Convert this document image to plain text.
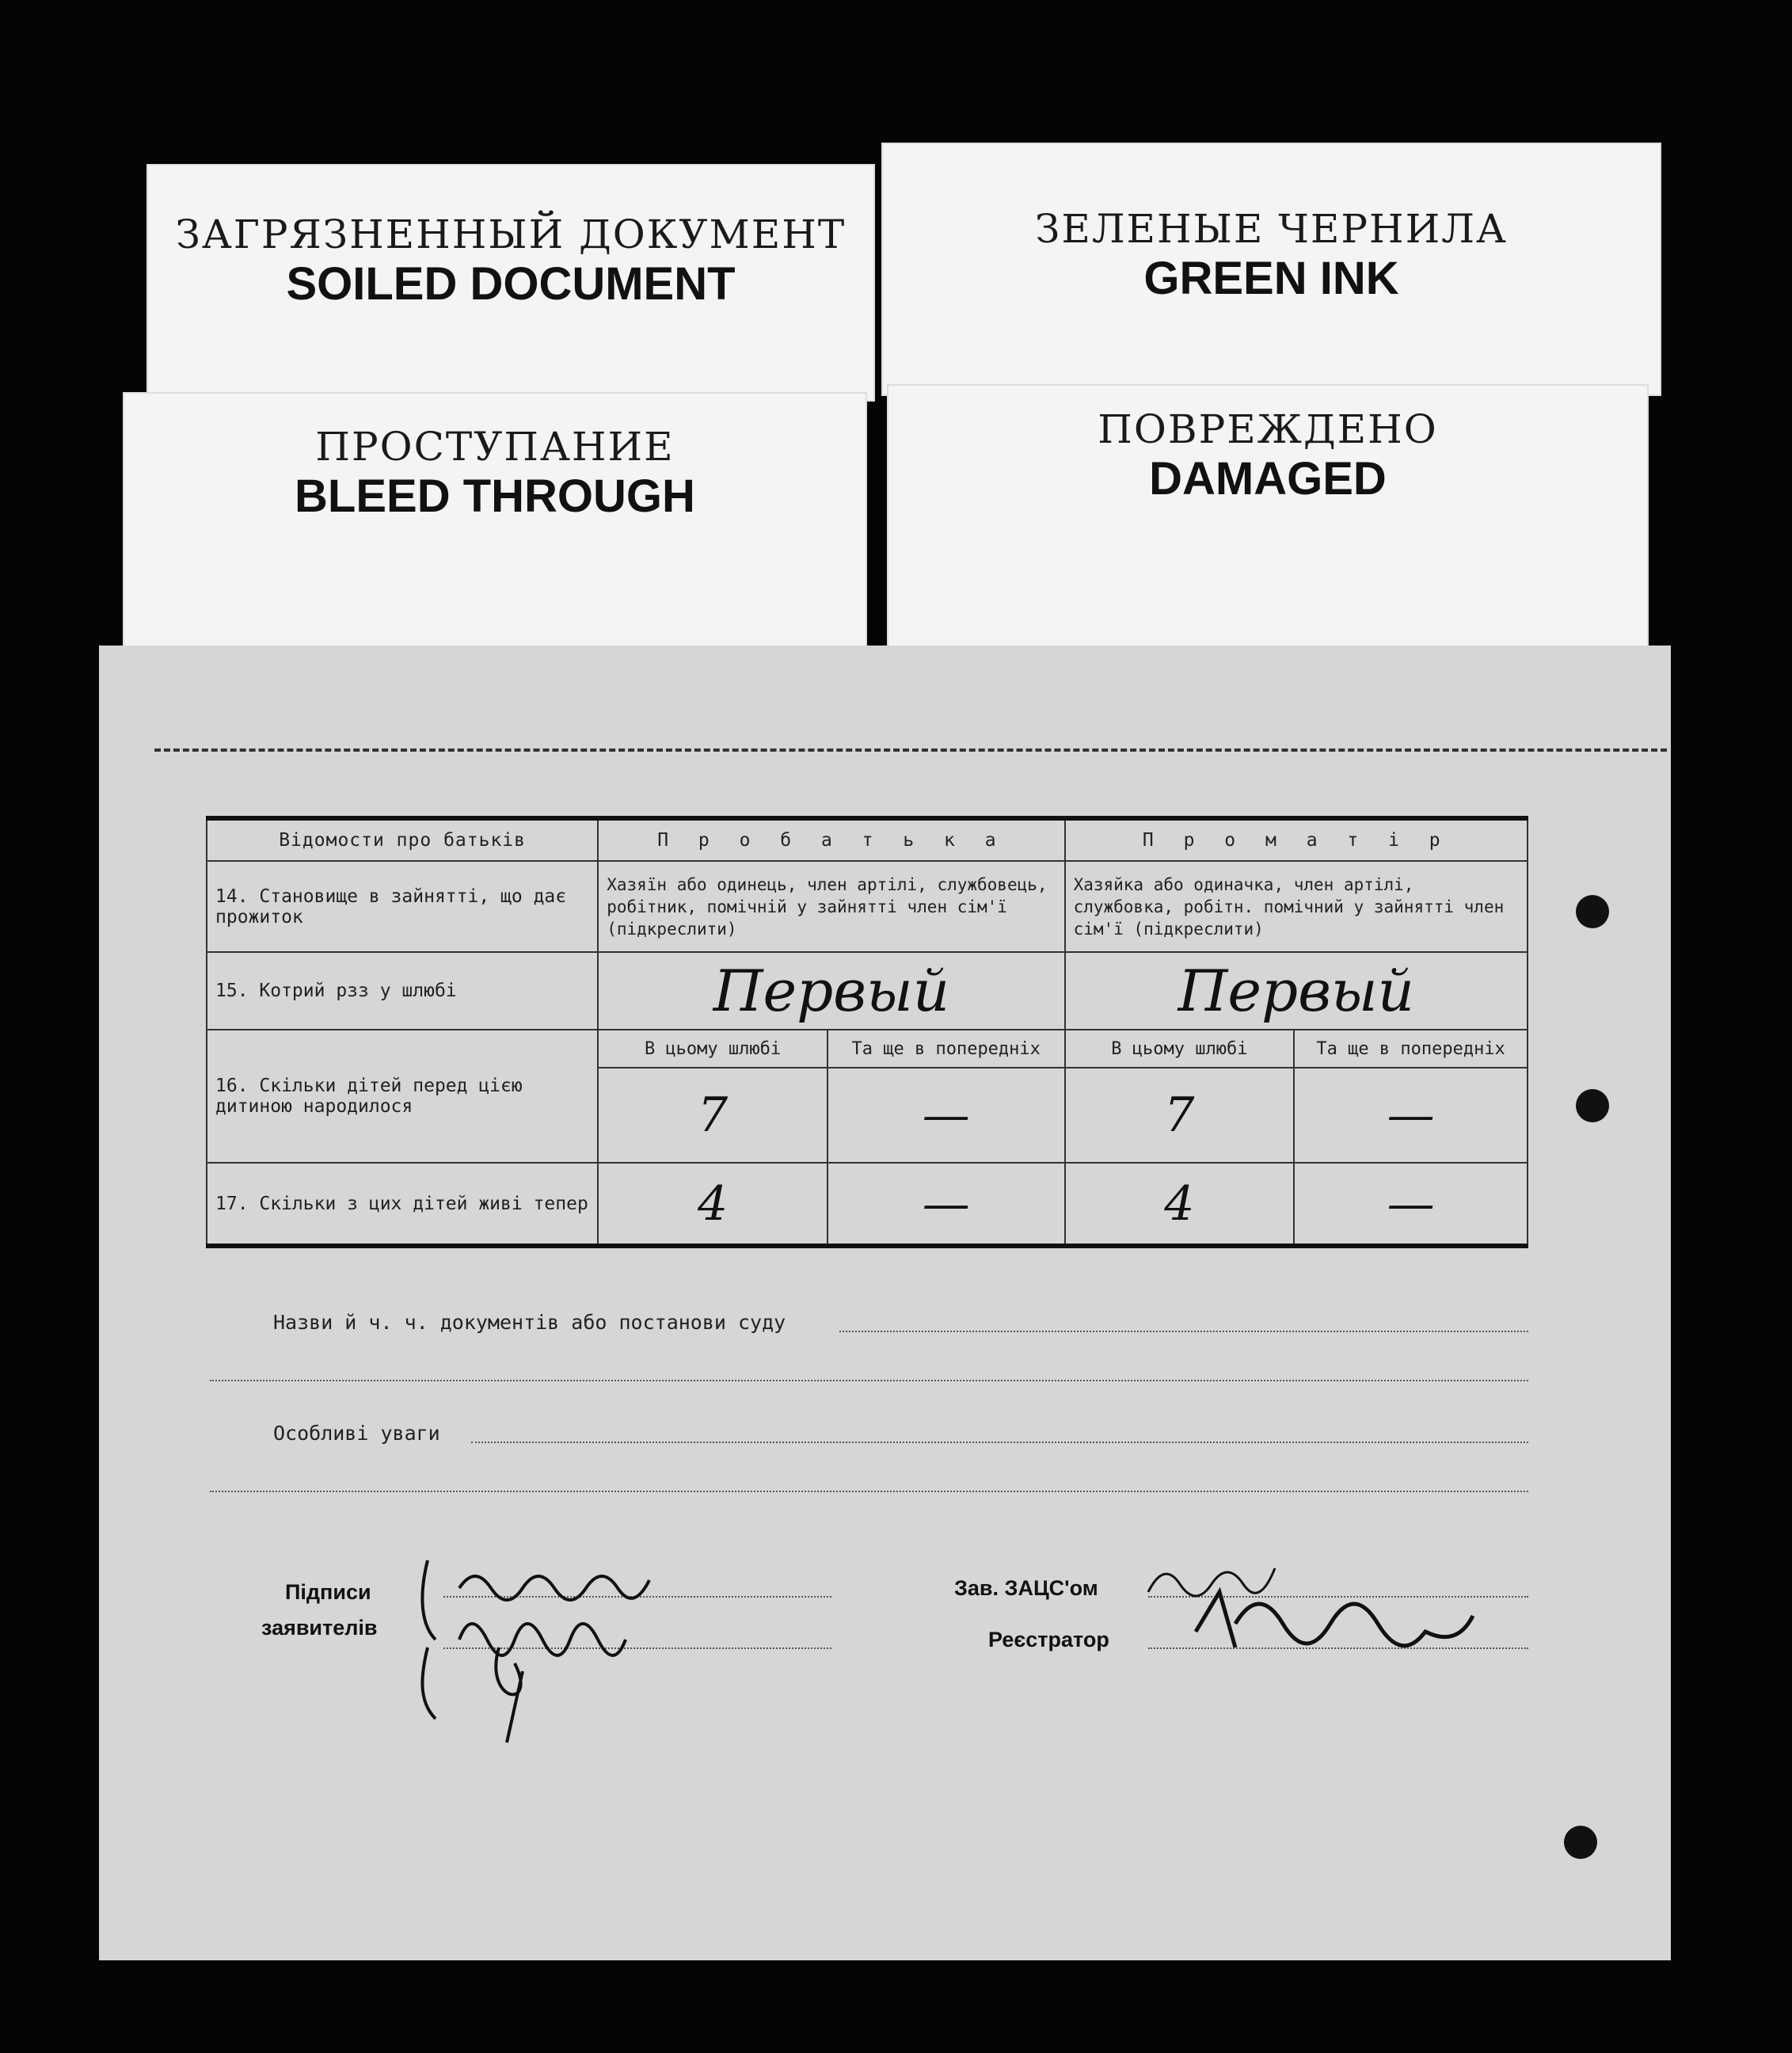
ЗАГРЯЗНЕННЫЙ ДОКУМЕНТ
SOILED DOCUMENT
ЗЕЛЕНЫЕ ЧЕРНИЛА
GREEN INK
ПРОСТУПАНИЕ
BLEED THROUGH
ПОВРЕЖДЕНО
DAMAGED
Відомости про батьків	П р о б а т ь к а		П р о м а т і р	
14. Становище в зайнятті, що дає прожиток	Хазяїн або одинець, член артілі, службовець, робітник, помічній у зайнятті член сім'ї (підкреслити)		Хазяйка або одиначка, член артілі, службовка, робітн. помічний у зайнятті член сім'ї (підкреслити)	
15. Котрий рзз у шлюбі	Первый		Первый	
16. Скільки дітей перед цією дитиною народилося	В цьому шлюбі	Та ще в попередніх	В цьому шлюбі	Та ще в попередніх
	7	—	7	—
17. Скільки з цих дітей живі тепер	4	—	4	—
Назви й ч. ч. документів або постанови суду
Особливі уваги
Підписи
заявителів
Зав. ЗАЦС'ом
Реєстратор
